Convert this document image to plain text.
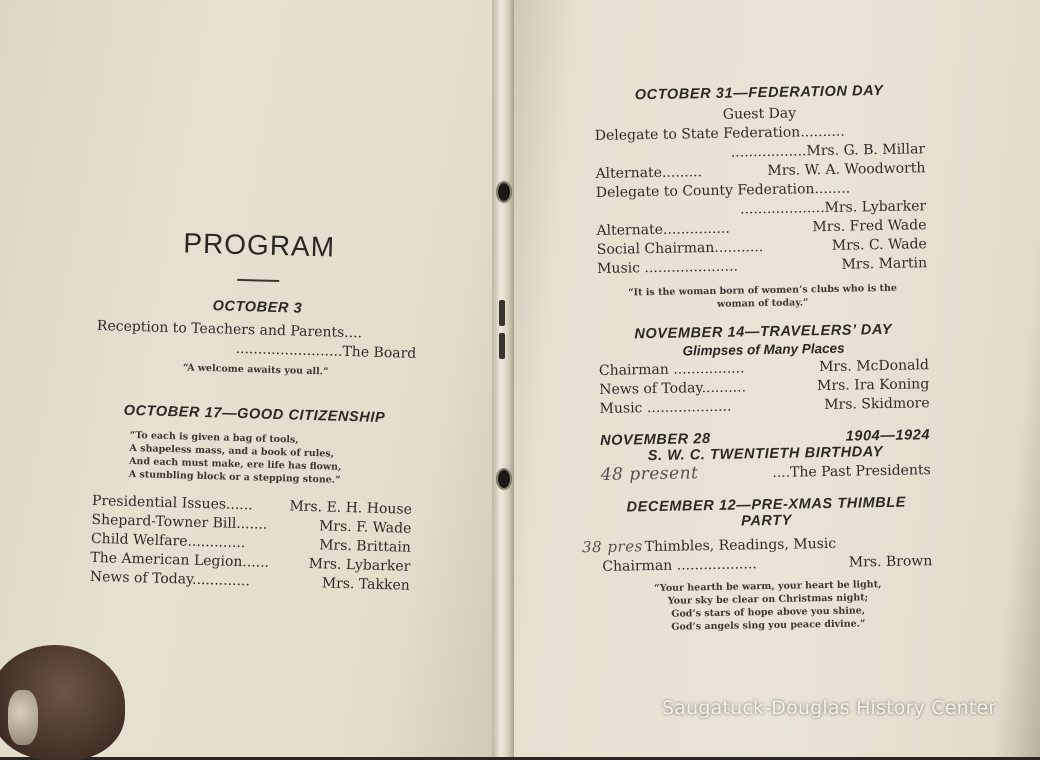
PROGRAM

OCTOBER 3

Reception to Teachers and Parents....

........................The Board

“A welcome awaits you all.”

OCTOBER 17—GOOD CITIZENSHIP

“To each is given a bag of tools,

A shapeless mass, and a book of rules,

And each must make, ere life has flown,

A stumbling block or a stepping stone.”

Presidential Issues......	Mrs. E. H. House
Shepard-Towner Bill.......	Mrs. F. Wade
Child Welfare.............	Mrs. Brittain
The American Legion......	Mrs. Lybarker
News of Today.............	Mrs. Takken

OCTOBER 31—FEDERATION DAY

Guest Day

Delegate to State Federation..........

.................Mrs. G. B. Millar

Alternate.........	Mrs. W. A. Woodworth

Delegate to County Federation........

...................Mrs. Lybarker

Alternate...............	Mrs. Fred Wade
Social Chairman...........	Mrs. C. Wade
Music .....................	Mrs. Martin

“It is the woman born of women’s clubs who is the

woman of today.”

NOVEMBER 14—TRAVELERS’ DAY

Glimpses of Many Places

Chairman ................	Mrs. McDonald
News of Today..........	Mrs. Ira Koning
Music ...................	Mrs. Skidmore
NOVEMBER 28	1904—1924

S. W. C. TWENTIETH BIRTHDAY

48 present	....The Past Presidents

DECEMBER 12—PRE-XMAS THIMBLE

PARTY

38 pres Thimbles, Readings, Music
Chairman ..................	Mrs. Brown

“Your hearth be warm, your heart be light,

Your sky be clear on Christmas night;

God’s stars of hope above you shine,

God’s angels sing you peace divine.”

Saugatuck-Douglas History Center
